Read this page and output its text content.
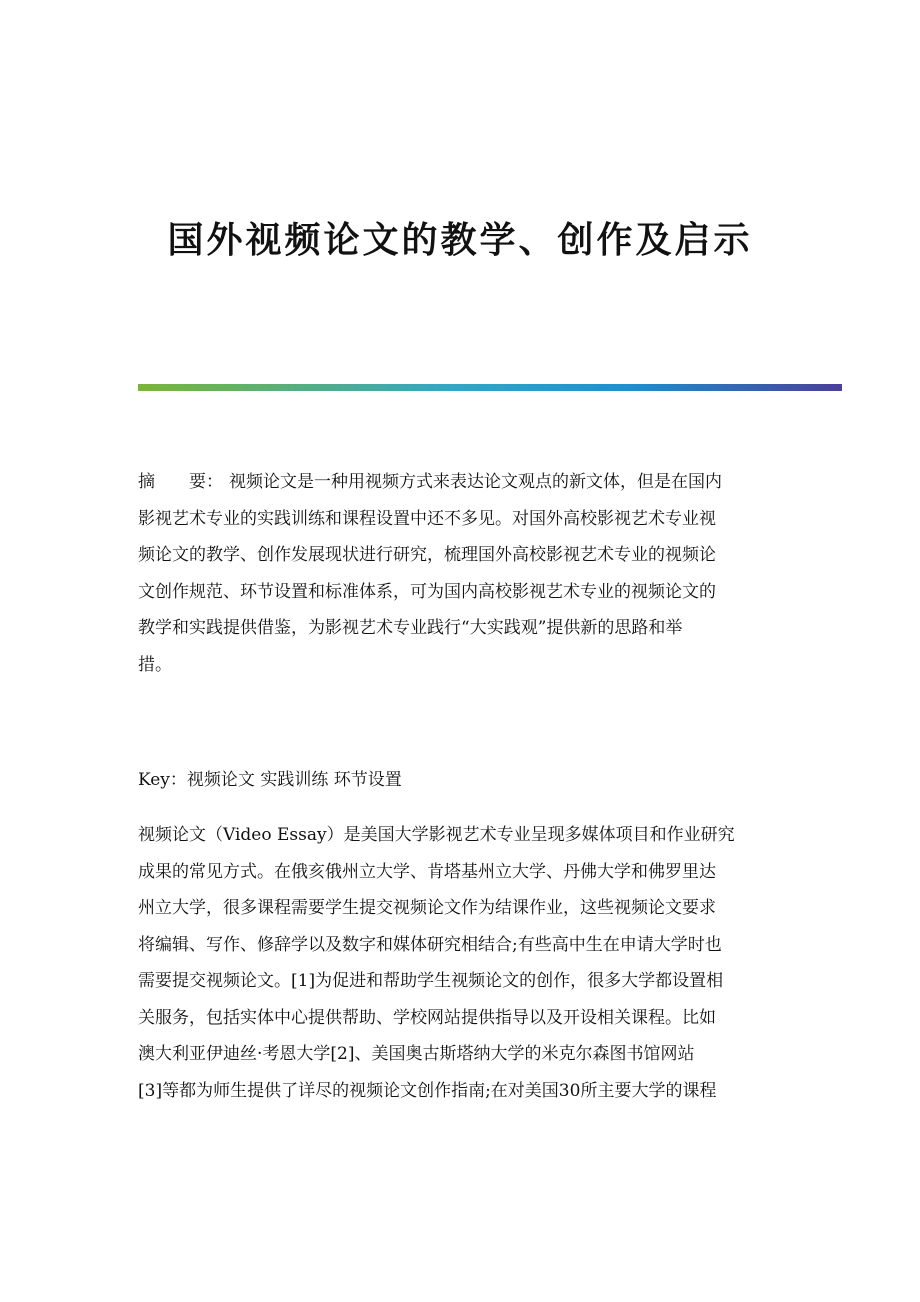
国外视频论文的教学、创作及启示
摘　　要： 视频论文是一种用视频方式来表达论文观点的新文体，但是在国内
影视艺术专业的实践训练和课程设置中还不多见。对国外高校影视艺术专业视
频论文的教学、创作发展现状进行研究，梳理国外高校影视艺术专业的视频论
文创作规范、环节设置和标准体系，可为国内高校影视艺术专业的视频论文的
教学和实践提供借鉴，为影视艺术专业践行“大实践观”提供新的思路和举
措。
Key：视频论文 实践训练 环节设置
视频论文（Video Essay）是美国大学影视艺术专业呈现多媒体项目和作业研究
成果的常见方式。在俄亥俄州立大学、肯塔基州立大学、丹佛大学和佛罗里达
州立大学，很多课程需要学生提交视频论文作为结课作业，这些视频论文要求
将编辑、写作、修辞学以及数字和媒体研究相结合;有些高中生在申请大学时也
需要提交视频论文。[1]为促进和帮助学生视频论文的创作，很多大学都设置相
关服务，包括实体中心提供帮助、学校网站提供指导以及开设相关课程。比如
澳大利亚伊迪丝·考恩大学[2]、美国奥古斯塔纳大学的米克尔森图书馆网站
[3]等都为师生提供了详尽的视频论文创作指南;在对美国30所主要大学的课程
